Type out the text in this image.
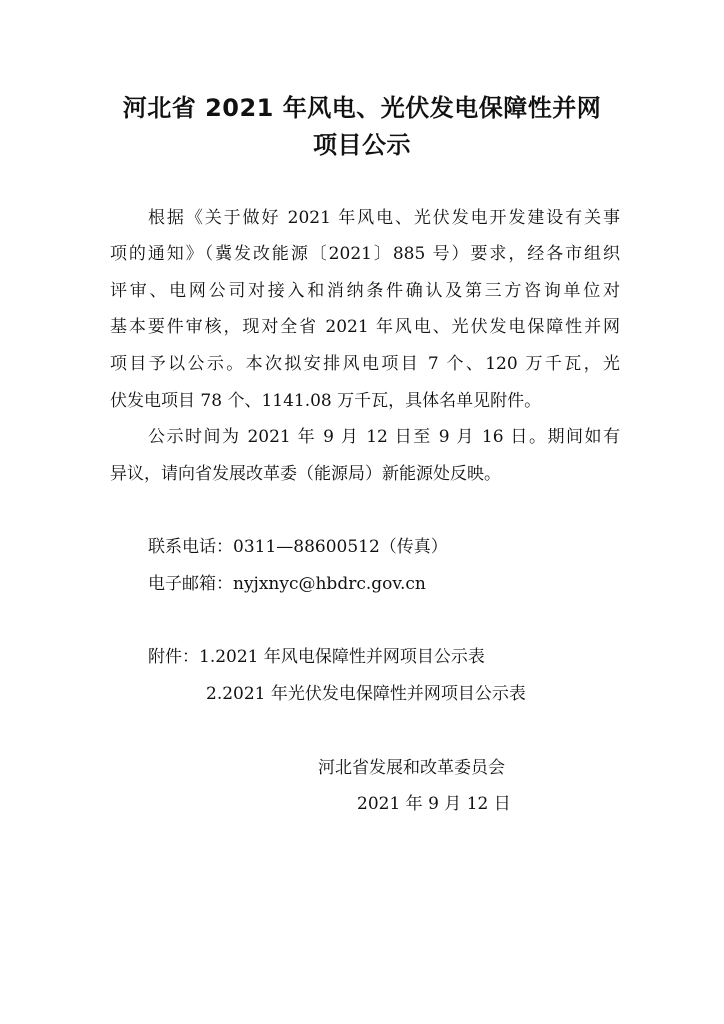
河北省 2021 年风电、光伏发电保障性并网
项目公示

根据《关于做好 2021 年风电、光伏发电开发建设有关事

项的通知》（冀发改能源〔2021〕885 号）要求，经各市组织

评审、电网公司对接入和消纳条件确认及第三方咨询单位对

基本要件审核，现对全省 2021 年风电、光伏发电保障性并网

项目予以公示。本次拟安排风电项目 7 个、120 万千瓦，光

伏发电项目 78 个、1141.08 万千瓦，具体名单见附件。

公示时间为 2021 年 9 月 12 日至 9 月 16 日。期间如有

异议，请向省发展改革委（能源局）新能源处反映。

联系电话：0311—88600512（传真）

电子邮箱：nyjxnyc@hbdrc.gov.cn

附件：1.2021 年风电保障性并网项目公示表

2.2021 年光伏发电保障性并网项目公示表

河北省发展和改革委员会

2021 年 9 月 12 日
